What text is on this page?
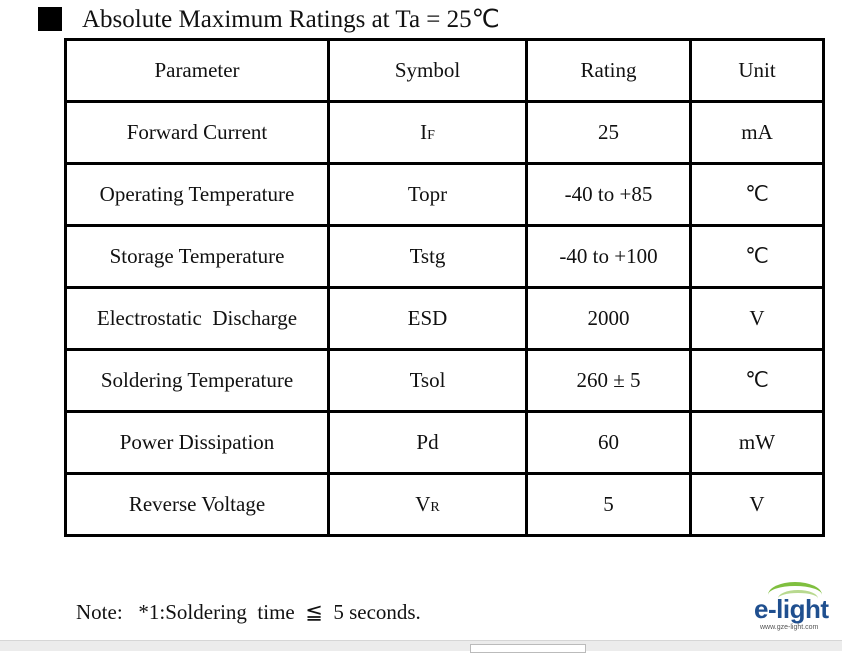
Absolute Maximum Ratings at Ta = 25℃
Parameter	Symbol	Rating	Unit
Forward Current	IF	25	mA
Operating Temperature	Topr	-40 to +85	℃
Storage Temperature	Tstg	-40 to +100	℃
Electrostatic  Discharge	ESD	2000	V
Soldering Temperature	Tsol	260 ± 5	℃
Power Dissipation	Pd	60	mW
Reverse Voltage	VR	5	V
Note:   *1:Soldering  time  ≦  5 seconds.	e-light
www.gze-light.com
